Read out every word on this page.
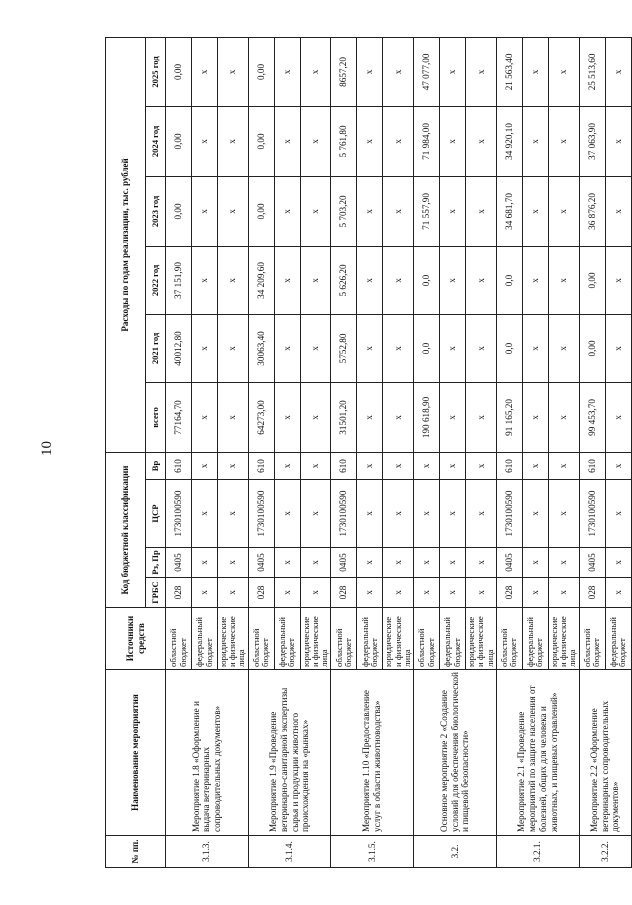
10
№ пп.	Наименование мероприятия	Источники средств	Код бюджетной классификации				Расходы по годам реализации, тыс. рублей					
			ГРБС	Рз, Пр	ЦСР	Вр	всего	2021 год	2022 год	2023 год	2024 год	2025 год
3.1.3.	Мероприятие 1.8 «Оформление и выдача ветеринарных сопроводительных документов»	областной бюджет	028	0405	1730100590	610	77164,70	40012,80	37 151,90	0,00	0,00	0,00
		федеральный бюджет	x	x	x	x	x	x	x	x	x	x
		юридические и физические лица	x	x	x	x	x	x	x	x	x	x
3.1.4.	Мероприятие 1.9 «Проведение ветеринарно-санитарной экспертизы сырья и продукции животного происхождения на «рынках»	областной бюджет	028	0405	1730100590	610	64273,00	30063,40	34 209,60	0,00	0,00	0,00
		федеральный бюджет	x	x	x	x	x	x	x	x	x	x
		юридические и физические лица	x	x	x	x	x	x	x	x	x	x
3.1.5.	Мероприятие 1.10 «Предоставление услуг в области животноводства»	областной бюджет	028	0405	1730100590	610	31501,20	5752,80	5 626,20	5 703,20	5 761,80	8657,20
		федеральный бюджет	x	x	x	x	x	x	x	x	x	x
		юридические и физические лица	x	x	x	x	x	x	x	x	x	x
3.2.	Основное мероприятие 2 «Создание условий для обеспечения биологической и пищевой безопасности»	областной бюджет	x	x	x	x	190 618,90	0,0	0,0	71 557,90	71 984,00	47 077,00
		федеральный бюджет	x	x	x	x	x	x	x	x	x	x
		юридические и физические лица	x	x	x	x	x	x	x	x	x	x
3.2.1.	Мероприятие 2.1 «Проведение мероприятий по защите населения от болезней, общих для человека и животных, и пищевых отравлений»	областной бюджет	028	0405	1730100590	610	91 165,20	0,0	0,0	34 681,70	34 920,10	21 563,40
		федеральный бюджет	x	x	x	x	x	x	x	x	x	x
		юридические и физические лица	x	x	x	x	x	x	x	x	x	x
3.2.2.	Мероприятие 2.2 «Оформление ветеринарных сопроводительных документов»	областной бюджет	028	0405	1730100590	610	99 453,70	0,00	0,00	36 876,20	37 063,90	25 513,60
		федеральный бюджет	x	x	x	x	x	x	x	x	x	x
